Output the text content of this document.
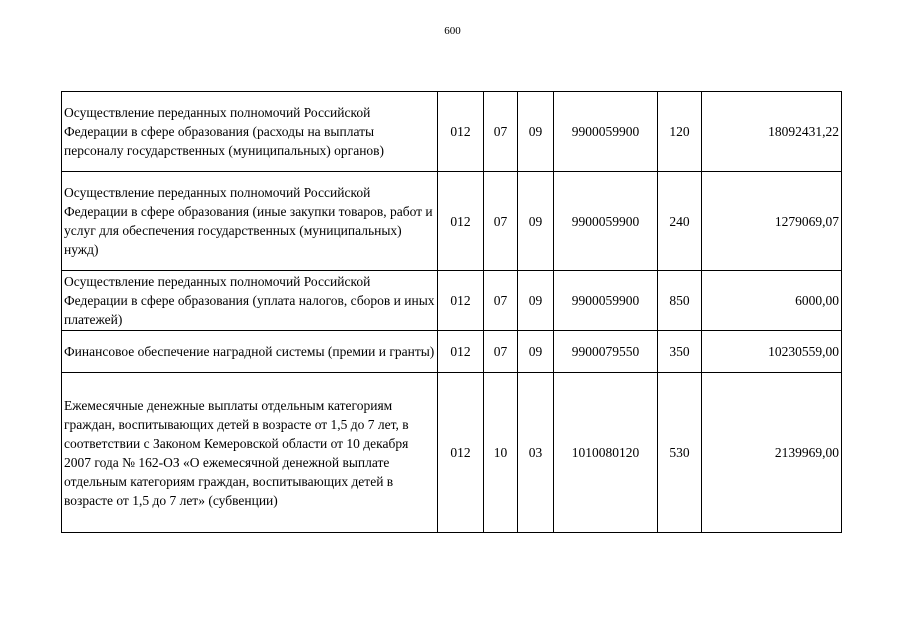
600
Осуществление переданных полномочий Российской Федерации в сфере образования (расходы на выплаты персоналу государственных (муниципальных) органов)	012	07	09	9900059900	120	18092431,22
Осуществление переданных полномочий Российской Федерации в сфере образования (иные закупки товаров, работ и услуг для обеспечения государственных (муниципальных) нужд)	012	07	09	9900059900	240	1279069,07
Осуществление переданных полномочий Российской Федерации в сфере образования (уплата налогов, сборов и иных платежей)	012	07	09	9900059900	850	6000,00
Финансовое обеспечение наградной системы (премии и гранты)	012	07	09	9900079550	350	10230559,00
Ежемесячные денежные выплаты отдельным категориям граждан, воспитывающих детей в возрасте от 1,5 до 7 лет, в соответствии с Законом Кемеровской области от 10 декабря 2007 года № 162-ОЗ «О ежемесячной денежной выплате отдельным категориям граждан, воспитывающих детей в возрасте от 1,5 до 7 лет» (субвенции)	012	10	03	1010080120	530	2139969,00
